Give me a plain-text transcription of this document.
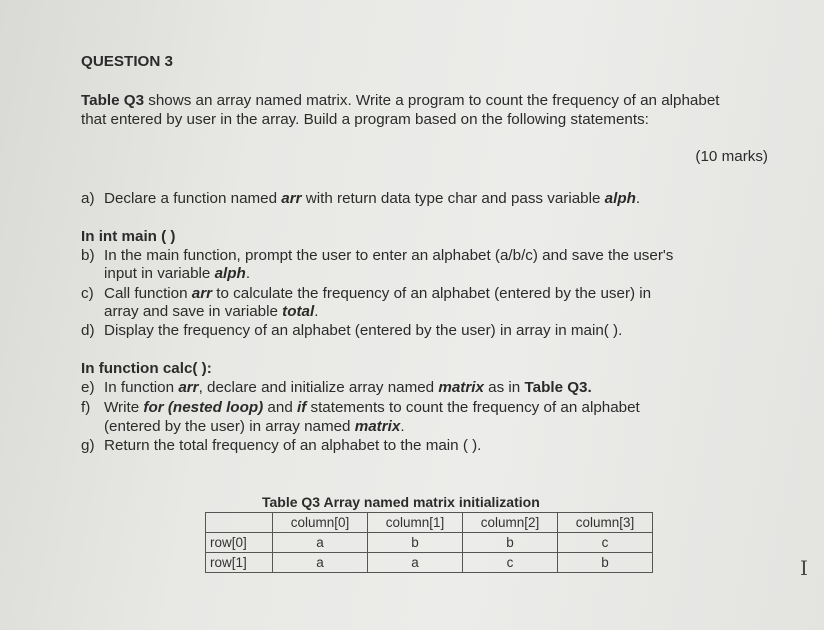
QUESTION 3
Table Q3 shows an array named matrix. Write a program to count the frequency of an alphabet
that entered by user in the array. Build a program based on the following statements:
(10 marks)
a) Declare a function named arr with return data type char and pass variable alph.
In int main ( )
b) In the main function, prompt the user to enter an alphabet (a/b/c) and save the user's
input in variable alph.
c) Call function arr to calculate the frequency of an alphabet (entered by the user) in
array and save in variable total.
d) Display the frequency of an alphabet (entered by the user) in array in main( ).
In function calc( ):
e) In function arr, declare and initialize array named matrix as in Table Q3.
f) Write for (nested loop) and if statements to count the frequency of an alphabet
(entered by the user) in array named matrix.
g) Return the total frequency of an alphabet to the main ( ).
Table Q3 Array named matrix initialization
	column[0]	column[1]	column[2]	column[3]
row[0]	a	b	b	c
row[1]	a	a	c	b	I
